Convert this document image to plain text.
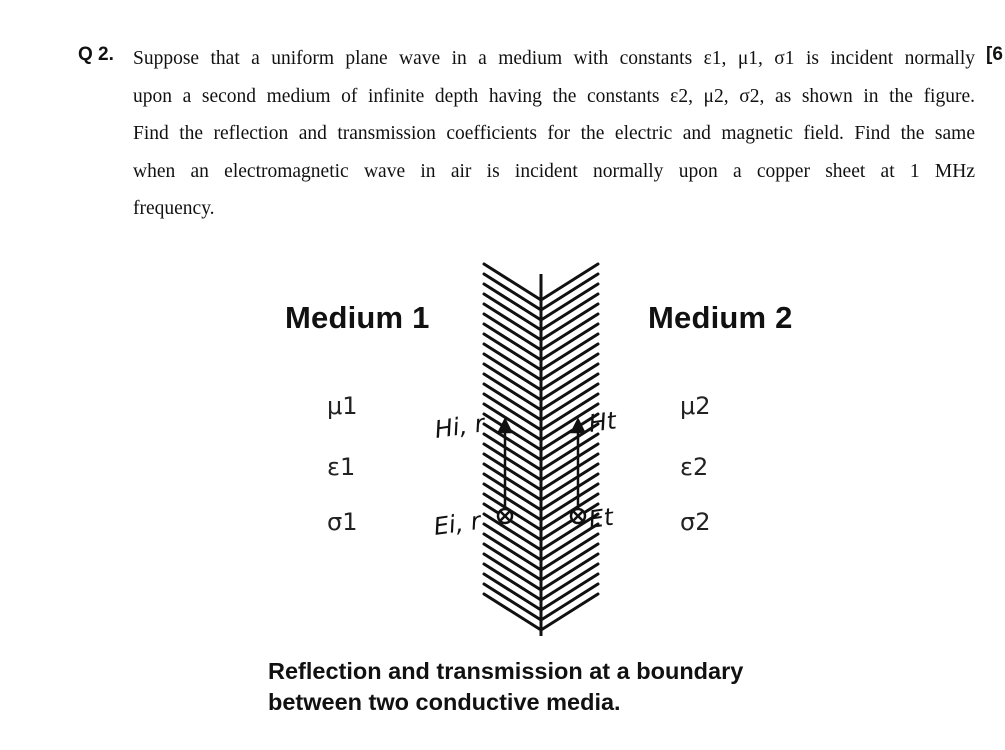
Q 2.	[6
Suppose that a uniform plane wave in a medium with constants ε1, μ1, σ1 is incident normally
upon a second medium of infinite depth having the constants ε2, μ2, σ2, as shown in the figure.
Find the reflection and transmission coefficients for the electric and magnetic field. Find the same
when an electromagnetic wave in air is incident normally upon a copper sheet at 1 MHz
frequency.
Medium 1	Medium 2
μ1
ε1
σ1
μ2
ε2
σ2
Hi, r
Ei, r
Ht
Et
Reflection and transmission at a boundary
between two conductive media.
